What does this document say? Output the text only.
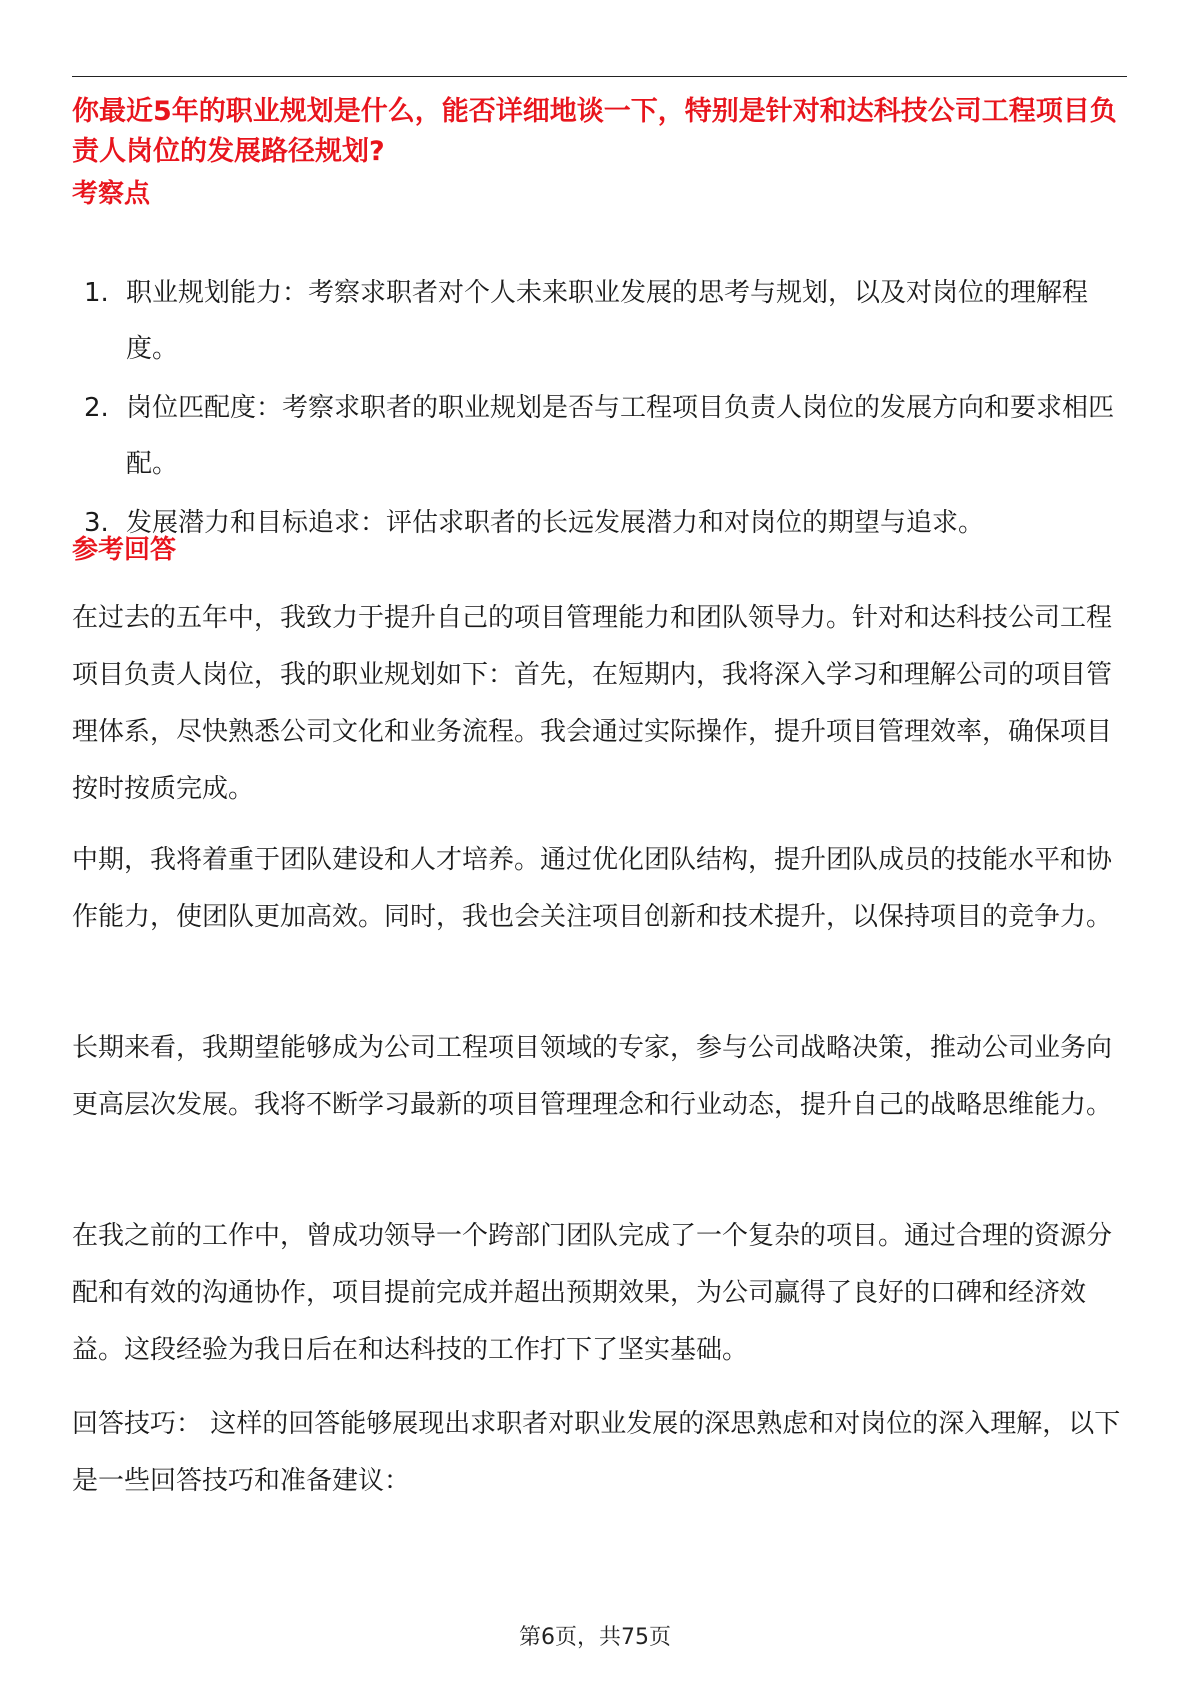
你最近5年的职业规划是什么，能否详细地谈一下，特别是针对和达科技公司工程项目负责人岗位的发展路径规划?
考察点
1. 职业规划能力：考察求职者对个人未来职业发展的思考与规划，以及对岗位的理解程度。
2. 岗位匹配度：考察求职者的职业规划是否与工程项目负责人岗位的发展方向和要求相匹配。
3. 发展潜力和目标追求：评估求职者的长远发展潜力和对岗位的期望与追求。
参考回答

在过去的五年中，我致力于提升自己的项目管理能力和团队领导力。针对和达科技公司工程项目负责人岗位，我的职业规划如下：首先，在短期内，我将深入学习和理解公司的项目管理体系，尽快熟悉公司文化和业务流程。我会通过实际操作，提升项目管理效率，确保项目按时按质完成。

中期，我将着重于团队建设和人才培养。通过优化团队结构，提升团队成员的技能水平和协作能力，使团队更加高效。同时，我也会关注项目创新和技术提升，以保持项目的竞争力。

长期来看，我期望能够成为公司工程项目领域的专家，参与公司战略决策，推动公司业务向更高层次发展。我将不断学习最新的项目管理理念和行业动态，提升自己的战略思维能力。

在我之前的工作中，曾成功领导一个跨部门团队完成了一个复杂的项目。通过合理的资源分配和有效的沟通协作，项目提前完成并超出预期效果，为公司赢得了良好的口碑和经济效益。这段经验为我日后在和达科技的工作打下了坚实基础。

回答技巧： 这样的回答能够展现出求职者对职业发展的深思熟虑和对岗位的深入理解，以下是一些回答技巧和准备建议：

第6页，共75页
